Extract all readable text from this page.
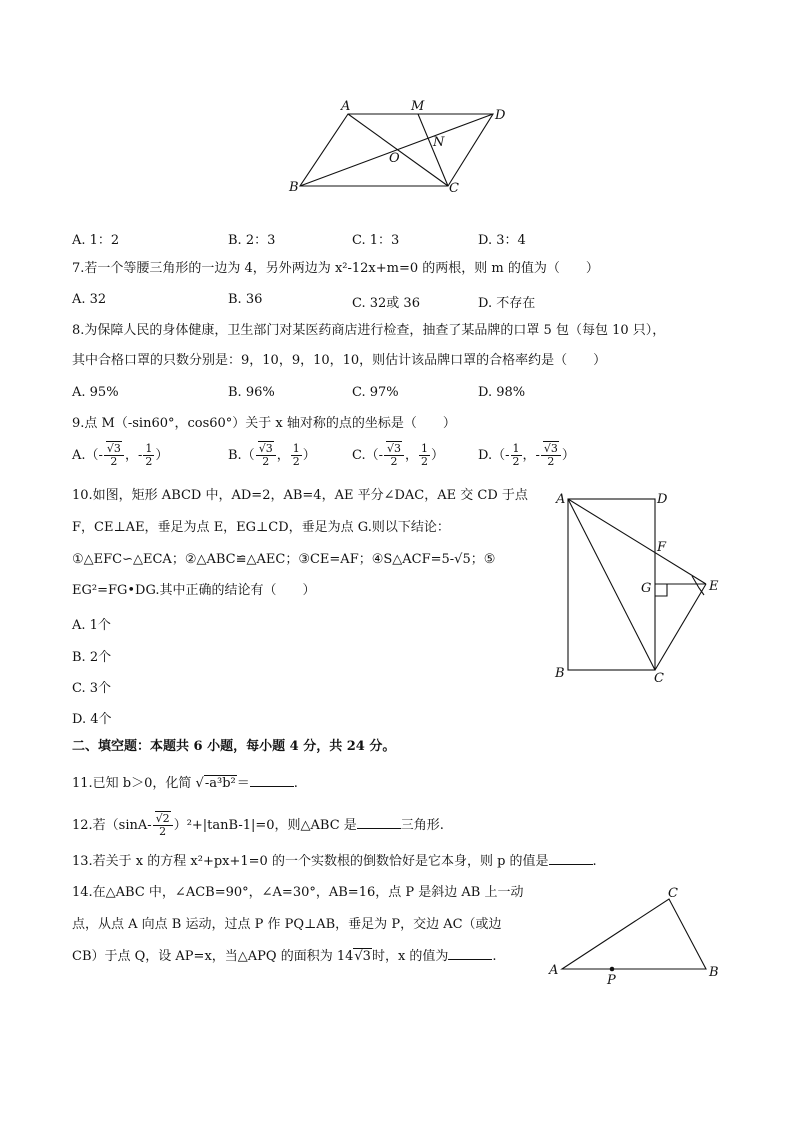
A	M
D
O
N
B	C
A. 1：2	B. 2：3	C. 1：3	D. 3：4
7.若一个等腰三角形的一边为 4，另外两边为 x²-12x+m=0 的两根，则 m 的值为（　　）
A. 32	B. 36	C. 32或 36	D. 不存在
8.为保障人民的身体健康，卫生部门对某医药商店进行检查，抽查了某品牌的口罩 5 包（每包 10 只），
其中合格口罩的只数分别是：9，10，9，10，10，则估计该品牌口罩的合格率约是（　　）
A. 95%	B. 96%	C. 97%	D. 98%
9.点 M（-sin60°，cos60°）关于 x 轴对称的点的坐标是（　　）
$A.(- \frac{√3}{2}$ ，- $\frac{1}{2}$ ）	$B.( \frac{√3}{2}$ ， $\frac{1}{2}$ ）	$C.(- \frac{√3}{2}$ ， $\frac{1}{2}$ ）	$D.(- \frac{1}{2}$ ，- $\frac{√3}{2}$ ）
10.如图，矩形 ABCD 中，AD=2，AB=4，AE 平分∠DAC，AE 交 CD 于点
F，CE⊥AE，垂足为点 E，EG⊥CD，垂足为点 G.则以下结论：
①△EFC∽△ECA；②△ABC≌△AEC；③CE=AF；④S△ACF=5-√5；⑤
EG²=FG•DG.其中正确的结论有（　　）
A. 1个
B. 2个
C. 3个
D. 4个
A	D
F
G	E
B	C
二、填空题：本题共 6 小题，每小题 4 分，共 24 分。
11.已知 b＞0，化简 √-a³b²＝	.
12.若$(\sin A- \frac{√2}{2} )^2+|\tan B-1|=0$，则△ABC 是	三角形.
13.若关于 x 的方程 x²+px+1=0 的一个实数根的倒数恰好是它本身，则 p 的值是	.
14.在△ABC 中，∠ACB=90°，∠A=30°，AB=16，点 P 是斜边 AB 上一动
点，从点 A 向点 B 运动，过点 P 作 PQ⊥AB，垂足为 P，交边 AC（或边
CB）于点 Q，设 AP=x，当△APQ 的面积为 14√3时，x 的值为	.
C
A	B
P
